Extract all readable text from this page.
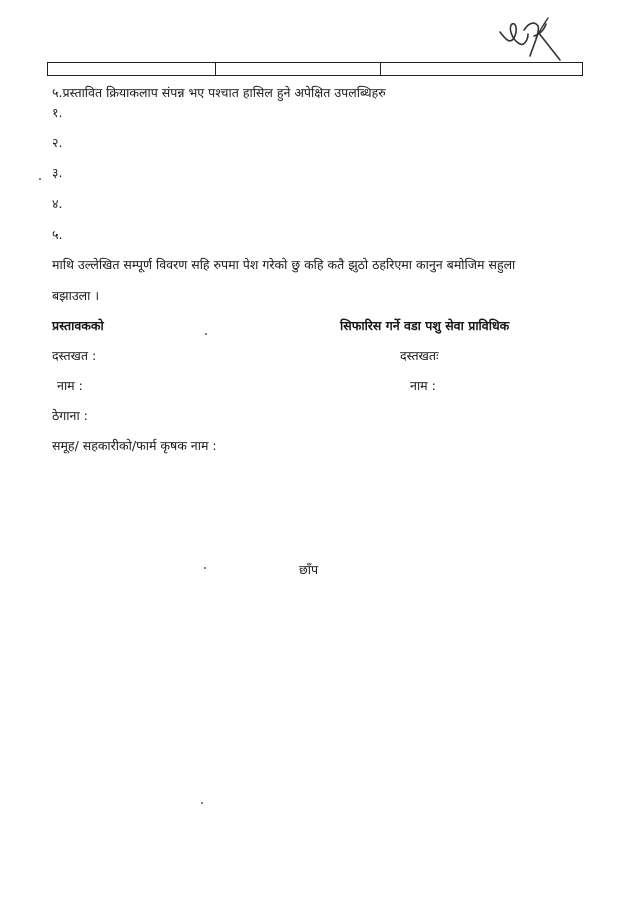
५.प्रस्तावित क्रियाकलाप संपन्न भए पश्चात हासिल हुने अपेक्षित उपलब्धिहरु
१.
२.
३.
४.
५.
माथि उल्लेखित सम्पूर्ण विवरण सहि रुपमा पेश गरेको छु कहि कतै झुठो ठहरिएमा कानुन बमोजिम सहुला
बझाउला ।
प्रस्तावकको
दस्तखत :
नाम :
ठेगाना :
समूह/ सहकारीको/फार्म कृषक नाम :
सिफारिस गर्ने वडा पशु सेवा प्राविधिक
दस्तखतः
नाम :
छाँप
